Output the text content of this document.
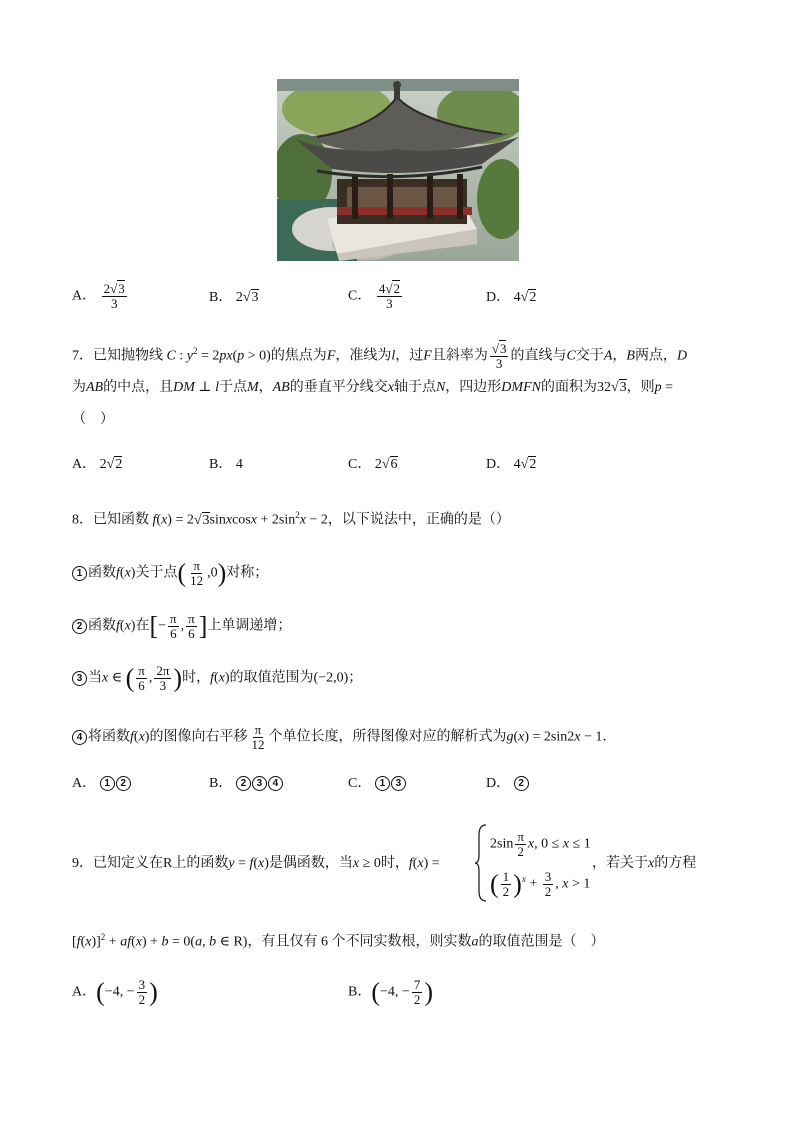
A． $\frac{2 √ 3}{3}$	B． 2 √ 3	C． $\frac{4 √ 2}{3}$	D． 4 √ 2
7．已知抛物线 C : $y^2 = 2px(p > 0)$的焦点为F，准线为l，过F且斜率为 √ $\frac{3}{3}$ 的直线与C交于A，B两点，D
为AB的中点，且DM ⊥ l于点M，AB的垂直平分线交x轴于点N，四边形DMFN的面积为32 √ 3，则p =
（　）
A． 2 √ 2	B． 4	C． 2 √ 6	D． 4 √ 2
8．已知函数 f(x) = 2 √ 3sinxcosx + $2\sin^2x - 2$，以下说法中，正确的是（）
1 函数f(x)关于点( $\frac{\pi}{12} ,0$)对称；
2 函数f(x)在[− $\frac{\pi}{6}$ , $\frac{\pi}{6}$ ]上单调递增；
3 当x ∈ ( $\frac{\pi}{6}$ , $\frac{2\pi}{3}$ )时，f(x)的取值范围为(−2,0)；
4 将函数f(x)的图像向右平移 $\frac{\pi}{12}$ 个单位长度，所得图像对应的解析式为g(x) = 2sin2x − 1．
A． 1 2	B． 2 3 4	C． 1 3	D． 2
9．已知定义在R上的函数y = f(x)是偶函数，当x ≥ 0时，f(x) =
$2\sin \frac{\pi}{2} x$, 0 ≤ x ≤ 1
( $\frac{1}{2} )^x + \frac{3}{2}$ , x > 1
，若关于x的方程
$[f(x)]^2 + af(x) + b = 0(a$, b ∈ R)，有且仅有 6 个不同实数根，则实数a的取值范围是（　）
A．(−4, − $\frac{3}{2}$ )	B．(−4, − $\frac{7}{2}$ )
